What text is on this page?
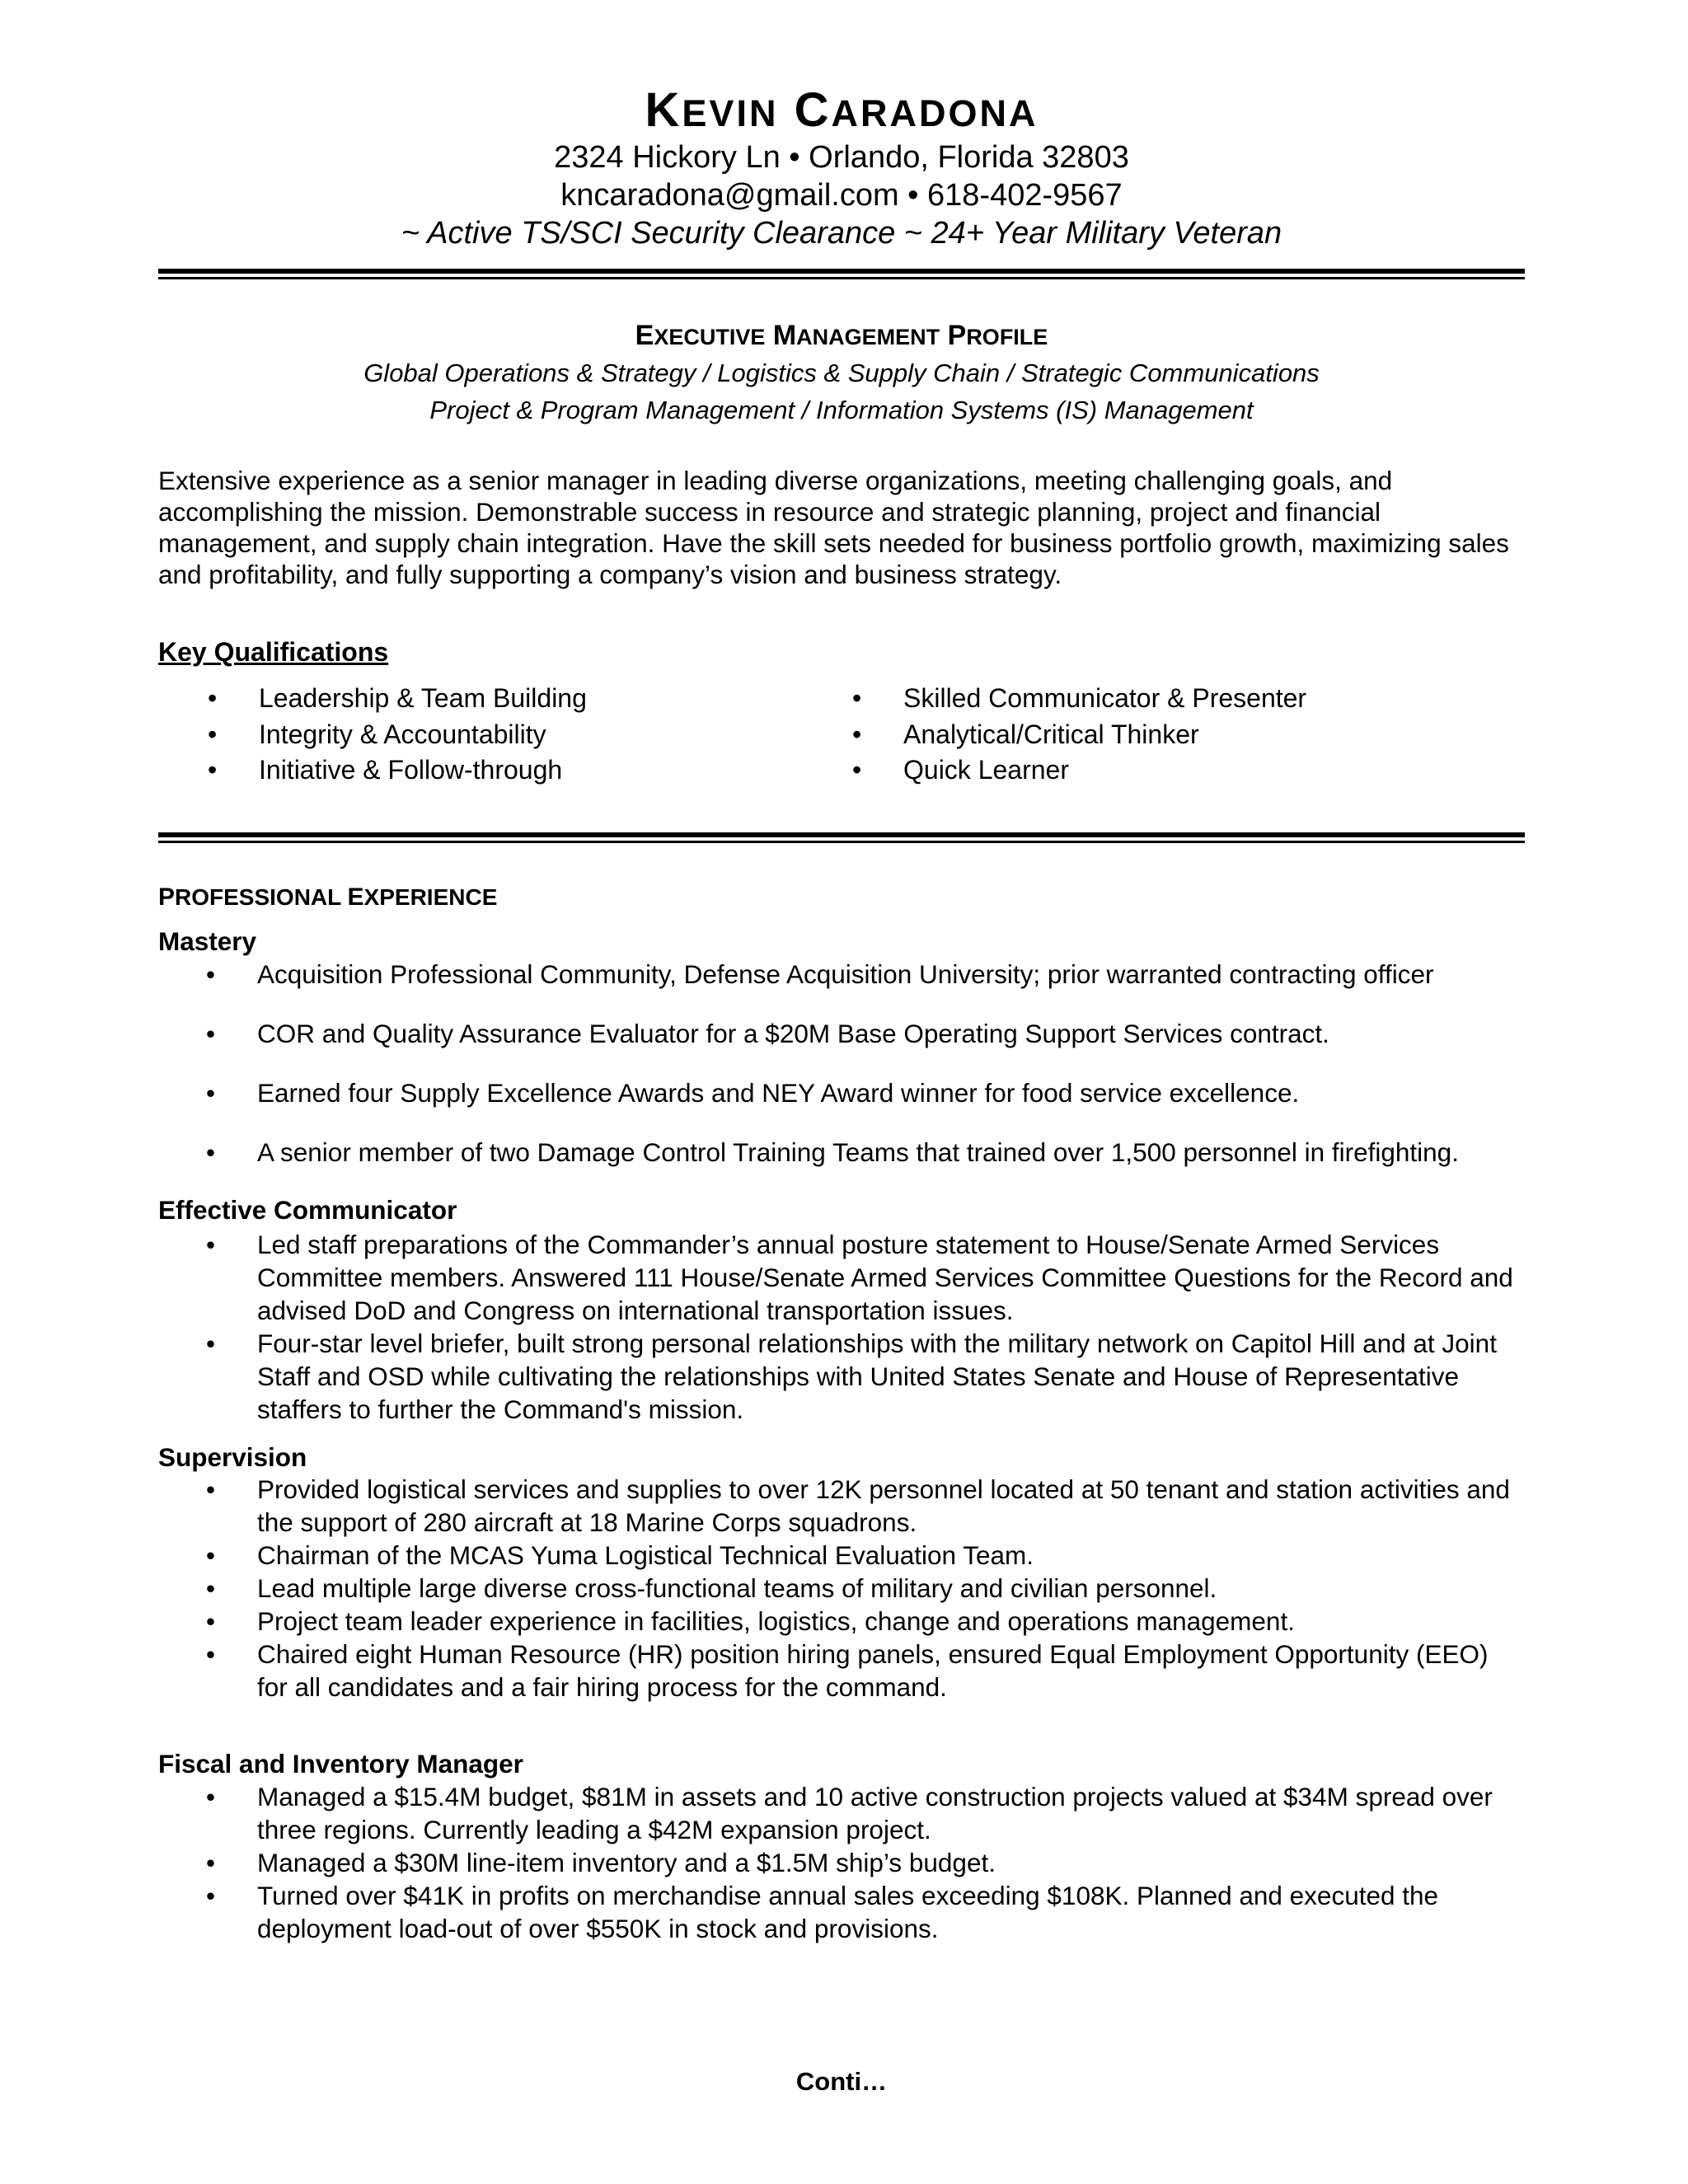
KEVIN CARADONA
2324 Hickory Ln • Orlando, Florida 32803
kncaradona@gmail.com • 618-402-9567
~ Active TS/SCI Security Clearance ~ 24+ Year Military Veteran
EXECUTIVE MANAGEMENT PROFILE
Global Operations & Strategy / Logistics & Supply Chain / Strategic Communications
Project & Program Management / Information Systems (IS) Management
Extensive experience as a senior manager in leading diverse organizations, meeting challenging goals, and accomplishing the mission. Demonstrable success in resource and strategic planning, project and financial management, and supply chain integration. Have the skill sets needed for business portfolio growth, maximizing sales and profitability, and fully supporting a company’s vision and business strategy.
Key Qualifications
• Leadership & Team Building
• Integrity & Accountability
• Initiative & Follow-through
• Skilled Communicator & Presenter
• Analytical/Critical Thinker
• Quick Learner
PROFESSIONAL EXPERIENCE
Mastery
• Acquisition Professional Community, Defense Acquisition University; prior warranted contracting officer
• COR and Quality Assurance Evaluator for a $20M Base Operating Support Services contract.
• Earned four Supply Excellence Awards and NEY Award winner for food service excellence.
• A senior member of two Damage Control Training Teams that trained over 1,500 personnel in firefighting.
Effective Communicator
• Led staff preparations of the Commander’s annual posture statement to House/Senate Armed Services Committee members. Answered 111 House/Senate Armed Services Committee Questions for the Record and advised DoD and Congress on international transportation issues.
• Four-star level briefer, built strong personal relationships with the military network on Capitol Hill and at Joint Staff and OSD while cultivating the relationships with United States Senate and House of Representative staffers to further the Command's mission.
Supervision
• Provided logistical services and supplies to over 12K personnel located at 50 tenant and station activities and the support of 280 aircraft at 18 Marine Corps squadrons.
• Chairman of the MCAS Yuma Logistical Technical Evaluation Team.
• Lead multiple large diverse cross-functional teams of military and civilian personnel.
• Project team leader experience in facilities, logistics, change and operations management.
• Chaired eight Human Resource (HR) position hiring panels, ensured Equal Employment Opportunity (EEO) for all candidates and a fair hiring process for the command.
Fiscal and Inventory Manager
• Managed a $15.4M budget, $81M in assets and 10 active construction projects valued at $34M spread over three regions. Currently leading a $42M expansion project.
• Managed a $30M line-item inventory and a $1.5M ship’s budget.
• Turned over $41K in profits on merchandise annual sales exceeding $108K. Planned and executed the deployment load-out of over $550K in stock and provisions.
Conti…
